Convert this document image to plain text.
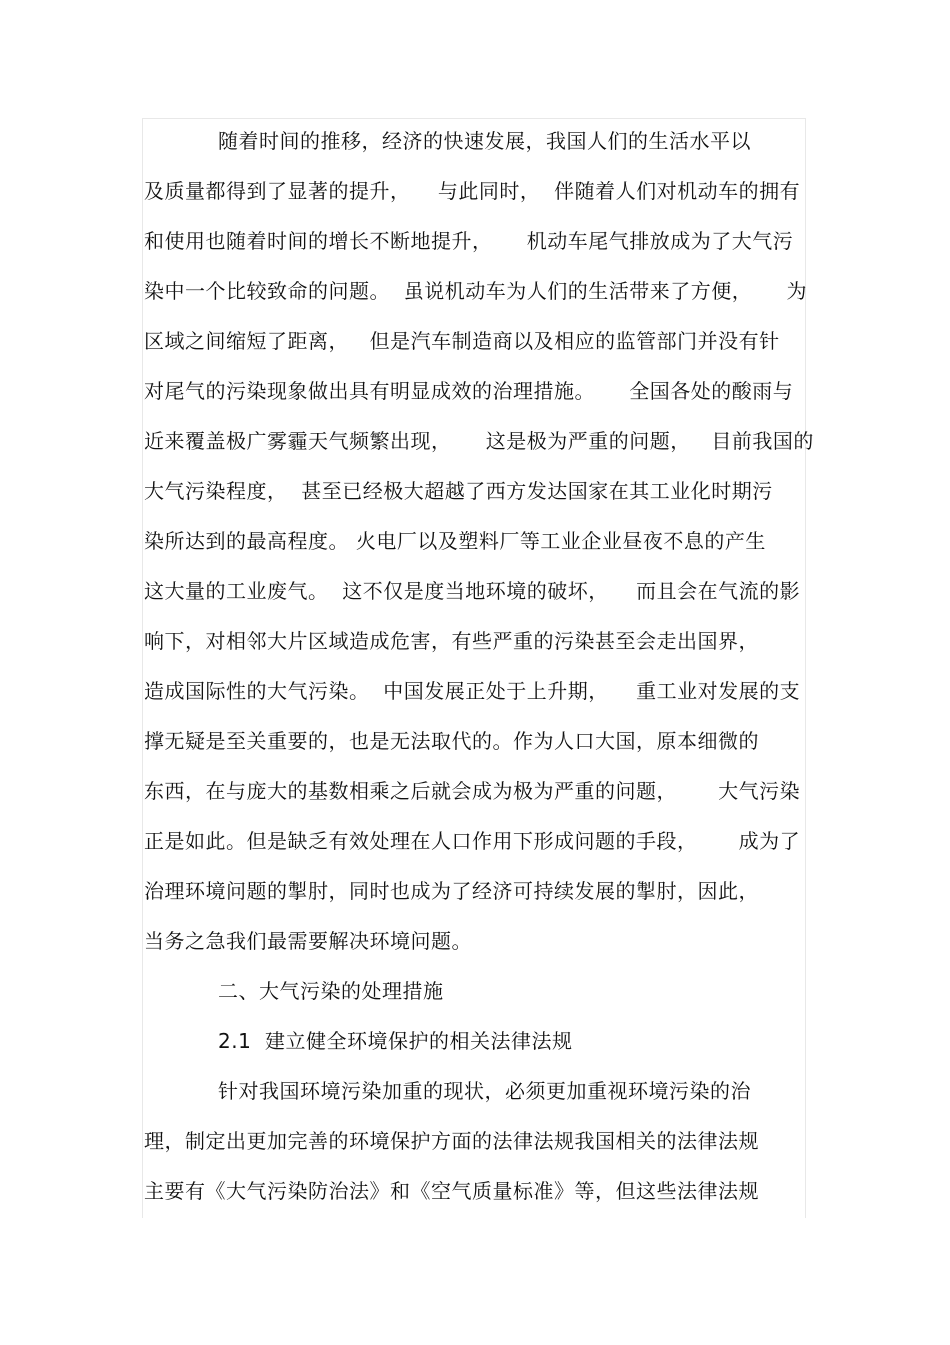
随着时间的推移，经济的快速发展，我国人们的生活水平以
及质量都得到了显著的提升，    与此同时，  伴随着人们对机动车的拥有
和使用也随着时间的增长不断地提升，     机动车尾气排放成为了大气污
染中一个比较致命的问题。  虽说机动车为人们的生活带来了方便，     为
区域之间缩短了距离，   但是汽车制造商以及相应的监管部门并没有针
对尾气的污染现象做出具有明显成效的治理措施。     全国各处的酸雨与
近来覆盖极广雾霾天气频繁出现，     这是极为严重的问题，   目前我国的
大气污染程度，  甚至已经极大超越了西方发达国家在其工业化时期污
染所达到的最高程度。 火电厂以及塑料厂等工业企业昼夜不息的产生
这大量的工业废气。  这不仅是度当地环境的破坏，    而且会在气流的影
响下，对相邻大片区域造成危害，有些严重的污染甚至会走出国界，
造成国际性的大气污染。  中国发展正处于上升期，    重工业对发展的支
撑无疑是至关重要的，也是无法取代的。作为人口大国，原本细微的
东西，在与庞大的基数相乘之后就会成为极为严重的问题，      大气污染
正是如此。但是缺乏有效处理在人口作用下形成问题的手段，      成为了
治理环境问题的掣肘，同时也成为了经济可持续发展的掣肘，因此，
当务之急我们最需要解决环境问题。
二、大气污染的处理措施
2.1  建立健全环境保护的相关法律法规
针对我国环境污染加重的现状，必须更加重视环境污染的治
理，制定出更加完善的环境保护方面的法律法规我国相关的法律法规
主要有《大气污染防治法》和《空气质量标准》等，但这些法律法规
